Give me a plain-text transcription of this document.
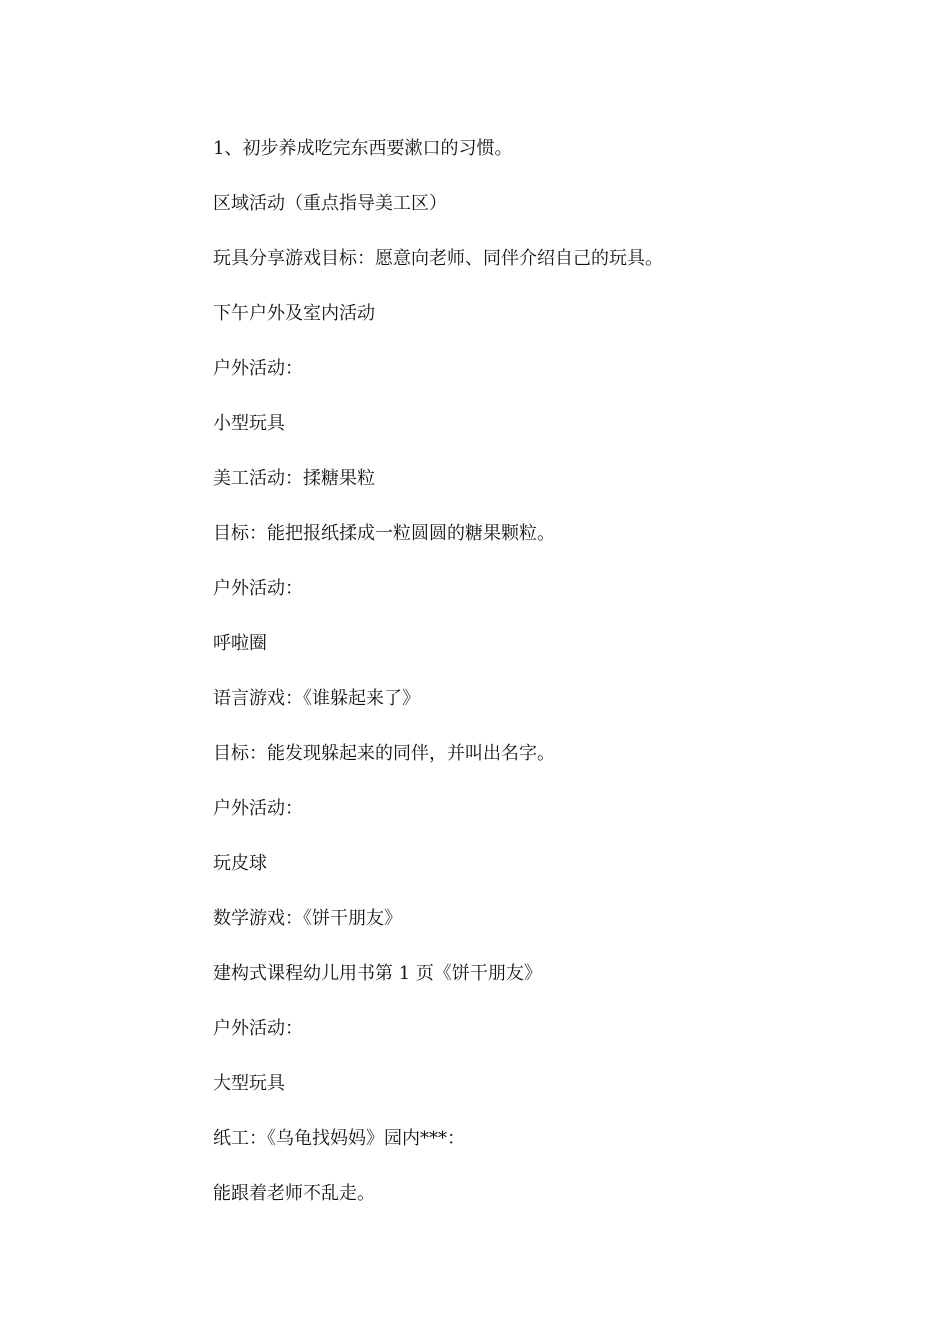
1、初步养成吃完东西要漱口的习惯。

区域活动（重点指导美工区）

玩具分享游戏目标：愿意向老师、同伴介绍自己的玩具。

下午户外及室内活动

户外活动：

小型玩具

美工活动：揉糖果粒

目标：能把报纸揉成一粒圆圆的糖果颗粒。

户外活动：

呼啦圈

语言游戏：《谁躲起来了》

目标：能发现躲起来的同伴，并叫出名字。

户外活动：

玩皮球

数学游戏：《饼干朋友》

建构式课程幼儿用书第 1 页《饼干朋友》

户外活动：

大型玩具

纸工：《乌龟找妈妈》园内***：

能跟着老师不乱走。
